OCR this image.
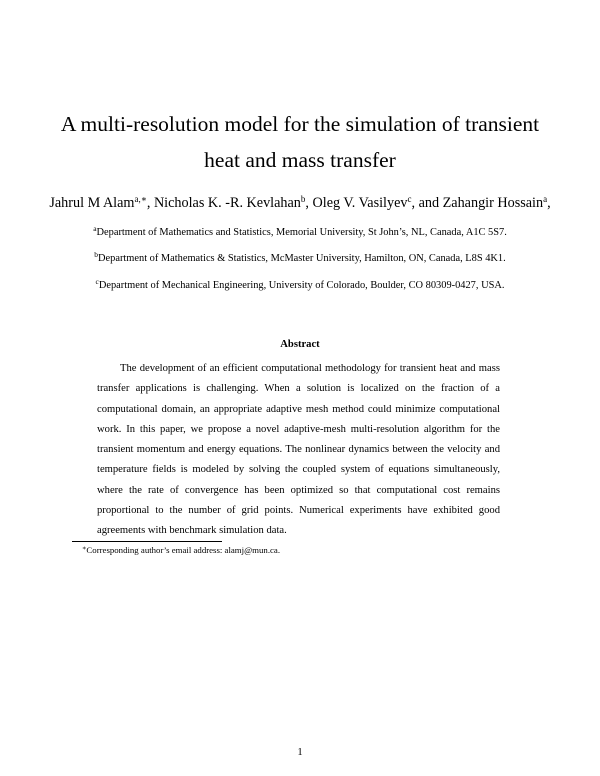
A multi-resolution model for the simulation of transient
heat and mass transfer
Jahrul M Alam$^{a,∗}$, Nicholas K. -R. Kevlahan$^b$, Oleg V. Vasilyev$^c$, and Zahangir Hossain$^a$,
$^a$Department of Mathematics and Statistics, Memorial University, St John’s, NL, Canada, A1C 5S7.
$^b$Department of Mathematics & Statistics, McMaster University, Hamilton, ON, Canada, L8S 4K1.
$^c$Department of Mechanical Engineering, University of Colorado, Boulder, CO 80309-0427, USA.
Abstract

The development of an efficient computational methodology for transient heat and mass transfer applications is challenging. When a solution is localized on the fraction of a computational domain, an appropriate adaptive mesh method could minimize computational work. In this paper, we propose a novel adaptive-mesh multi-resolution algorithm for the transient momentum and energy equations. The nonlinear dynamics between the velocity and temperature fields is modeled by solving the coupled system of equations simultaneously, where the rate of convergence has been optimized so that computational cost remains proportional to the number of grid points. Numerical experiments have exhibited good agreements with benchmark simulation data.

∗Corresponding author’s email address: alamj@mun.ca.
1
